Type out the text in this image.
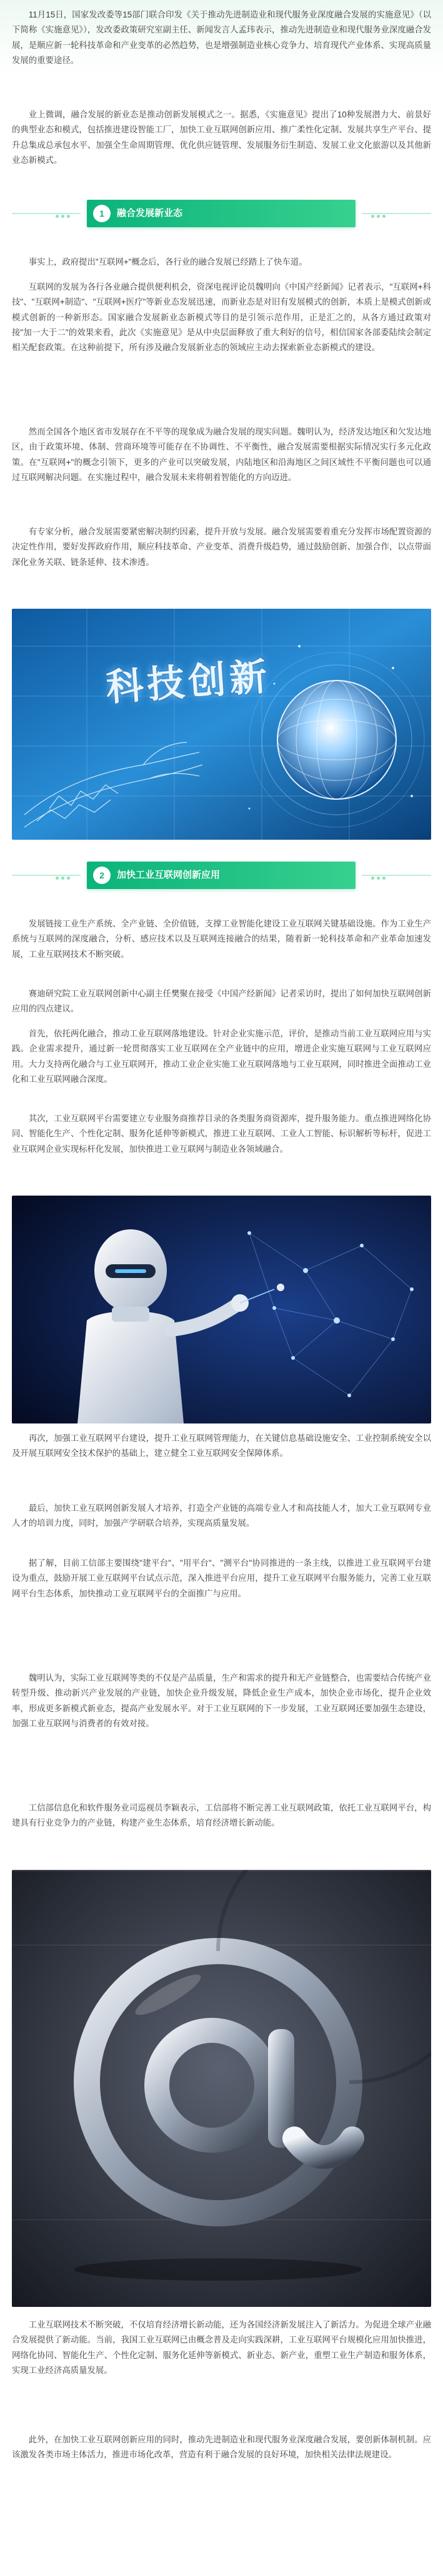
11月15日，国家发改委等15部门联合印发《关于推动先进制造业和现代服务业深度融合发展的实施意见》（以下简称《实施意见》），发改委政策研究室副主任、新闻发言人孟玮表示，推动先进制造业和现代服务业深度融合发展，是顺应新一轮科技革命和产业变革的必然趋势，也是增强制造业核心竞争力、培育现代产业体系、实现高质量发展的重要途径。

业上微调，融合发展的新业态是推动创新发展模式之一。据悉，《实施意见》提出了10种发展潜力大、前景好的典型业态和模式，包括推进建设智能工厂，加快工业互联网创新应用、推广柔性化定制、发展共享生产平台、提升总集成总承包水平、加强全生命周期管理、优化供应链管理、发展服务衍生制造、发展工业文化旅游以及其他新业态新模式。

1	融合发展新业态

事实上，政府提出"互联网+"概念后，各行业的融合发展已经踏上了快车道。

互联网的发展为各行各业融合提供便利机会，资深电视评论员魏明向《中国产经新闻》记者表示，"互联网+科技"、"互联网+制造"、"互联网+医疗"等新业态发展迅速，而新业态是对旧有发展模式的创新，本质上是模式创新或模式创新的一种新形态。国家融合发展新业态新模式等目的是引领示范作用，正是汇之的，从各方通过政策对接"加一大于二"的效果来看，此次《实施意见》是从中央层面释放了重大利好的信号，相信国家各部委陆续会制定相关配套政策。在这种前提下，所有涉及融合发展新业态的领域应主动去探索新业态新模式的建设。

然而全国各个地区省市发展存在不平等的现象成为融合发展的现实问题。魏明认为，经济发达地区和欠发达地区，由于政策环境、体制、营商环境等可能存在不协调性、不平衡性，融合发展需要根据实际情况实行多元化政策。在"互联网+"的概念引领下，更多的产业可以突破发展，内陆地区和沿海地区之间区域性不平衡问题也可以通过互联网解决问题。在实施过程中，融合发展未来将朝着智能化的方向迈进。

有专家分析，融合发展需要紧密解决制约因素，提升开放与发展。融合发展需要着重充分发挥市场配置资源的决定性作用，要好发挥政府作用，顺应科技革命、产业变革、消费升级趋势，通过鼓励创新、加强合作，以点带面深化业务关联、链条延伸、技术渗透。

科技创新
2	加快工业互联网创新应用

发展链接工业生产系统、全产业链、全价值链，支撑工业智能化建设工业互联网关键基础设施。作为工业生产系统与互联网的深度融合，分析、感应技术以及互联网连接融合的结果，随着新一轮科技革命和产业革命加速发展，工业互联网技术不断突破。

赛迪研究院工业互联网创新中心副主任樊聚在接受《中国产经新闻》记者采访时，提出了如何加快互联网创新应用的四点建议。

首先，依托两化融合，推动工业互联网落地建设。针对企业实施示范，评价，是推动当前工业互联网应用与实践。企业需求提升，通过新一轮贯彻落实工业互联网在全产业链中的应用，增进企业实施互联网与工业互联网应用。大力支持两化融合与工业互联网开，推动工业企业实施工业互联网落地与工业互联网，同时推进全面推动工业化和工业互联网融合深度。

其次，工业互联网平台需要建立专业服务商推荐目录的各类服务商资源库，提升服务能力。重点推进网络化协同、智能化生产、个性化定制、服务化延伸等新模式，推进工业互联网、工业人工智能、标识解析等标杆，促进工业互联网企业实现标杆化发展，加快推进工业互联网与制造业各领域融合。

再次，加强工业互联网平台建设，提升工业互联网管理能力，在关键信息基础设施安全、工业控制系统安全以及开展互联网安全技术保护的基础上，建立健全工业互联网安全保障体系。

最后，加快工业互联网创新发展人才培养，打造全产业链的高端专业人才和高技能人才，加大工业互联网专业人才的培训力度，同时，加强产学研联合培养，实现高质量发展。

据了解，目前工信部主要围绕"建平台"、"用平台"、"测平台"协同推进的一条主线，以推进工业互联网平台建设为重点，鼓励开展工业互联网平台试点示范，深入推进平台应用，提升工业互联网平台服务能力，完善工业互联网平台生态体系，加快推动工业互联网平台的全面推广与应用。

魏明认为，实际工业互联网等类的不仅是产品质量，生产和需求的提升和无产业链整合，也需要结合传统产业转型升级、推动新兴产业发展的产业链，加快企业升级发展，降低企业生产成本，加快企业市场化，提升企业效率，形成更多新模式新业态，提高产业发展水平。对于工业互联网的下一步发展，工业互联网还要加强生态建设，加强工业互联网与消费者的有效对接。

工信部信息化和软件服务业司巡视员李颖表示，工信部将不断完善工业互联网政策，依托工业互联网平台，构建具有行业竞争力的产业链，构建产业生态体系，培育经济增长新动能。

工业互联网技术不断突破，不仅培育经济增长新动能，还为各国经济新发展注入了新活力。为促进全球产业融合发展提供了新动能。当前，我国工业互联网已由概念普及走向实践深耕，工业互联网平台规模化应用加快推进，网络化协同、智能化生产、个性化定制、服务化延伸等新模式、新业态、新产业，重塑工业生产制造和服务体系，实现工业经济高质量发展。

此外，在加快工业互联网创新应用的同时，推动先进制造业和现代服务业深度融合发展，要创新体制机制。应该激发各类市场主体活力，推进市场化改革，营造有利于融合发展的良好环境，加快相关法律法规建设。
